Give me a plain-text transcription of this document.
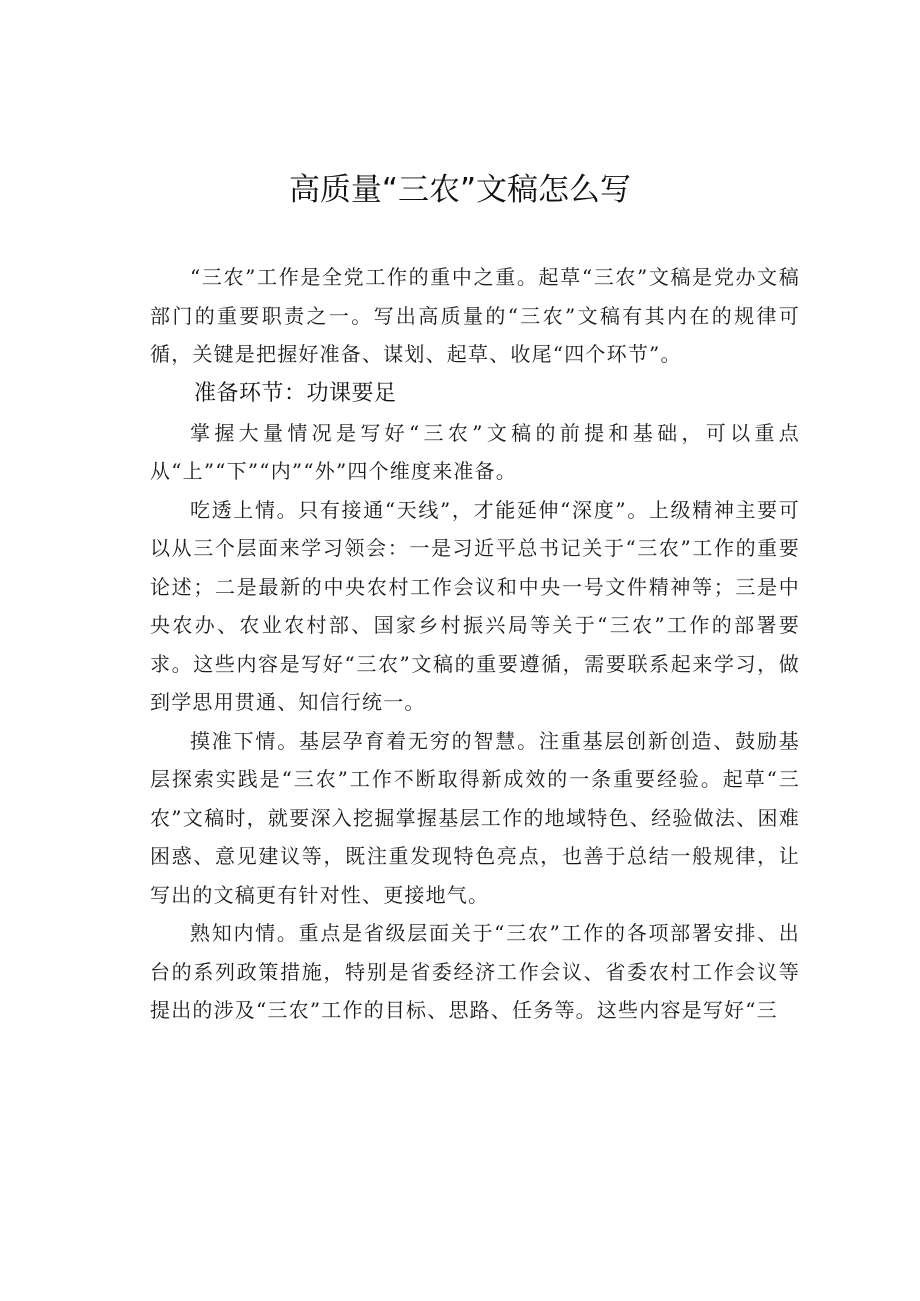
高质量“三农”文稿怎么写

“三农”工作是全党工作的重中之重。起草“三农”文稿是党办文稿部门的重要职责之一。写出高质量的“三农”文稿有其内在的规律可循，关键是把握好准备、谋划、起草、收尾“四个环节”。

准备环节：功课要足

掌握大量情况是写好“三农”文稿的前提和基础，可以重点从“上”“下”“内”“外”四个维度来准备。

吃透上情。只有接通“天线”，才能延伸“深度”。上级精神主要可以从三个层面来学习领会：一是习近平总书记关于“三农”工作的重要论述；二是最新的中央农村工作会议和中央一号文件精神等；三是中央农办、农业农村部、国家乡村振兴局等关于“三农”工作的部署要求。这些内容是写好“三农”文稿的重要遵循，需要联系起来学习，做到学思用贯通、知信行统一。

摸准下情。基层孕育着无穷的智慧。注重基层创新创造、鼓励基层探索实践是“三农”工作不断取得新成效的一条重要经验。起草“三农”文稿时，就要深入挖掘掌握基层工作的地域特色、经验做法、困难困惑、意见建议等，既注重发现特色亮点，也善于总结一般规律，让写出的文稿更有针对性、更接地气。

熟知内情。重点是省级层面关于“三农”工作的各项部署安排、出台的系列政策措施，特别是省委经济工作会议、省委农村工作会议等提出的涉及“三农”工作的目标、思路、任务等。这些内容是写好“三
